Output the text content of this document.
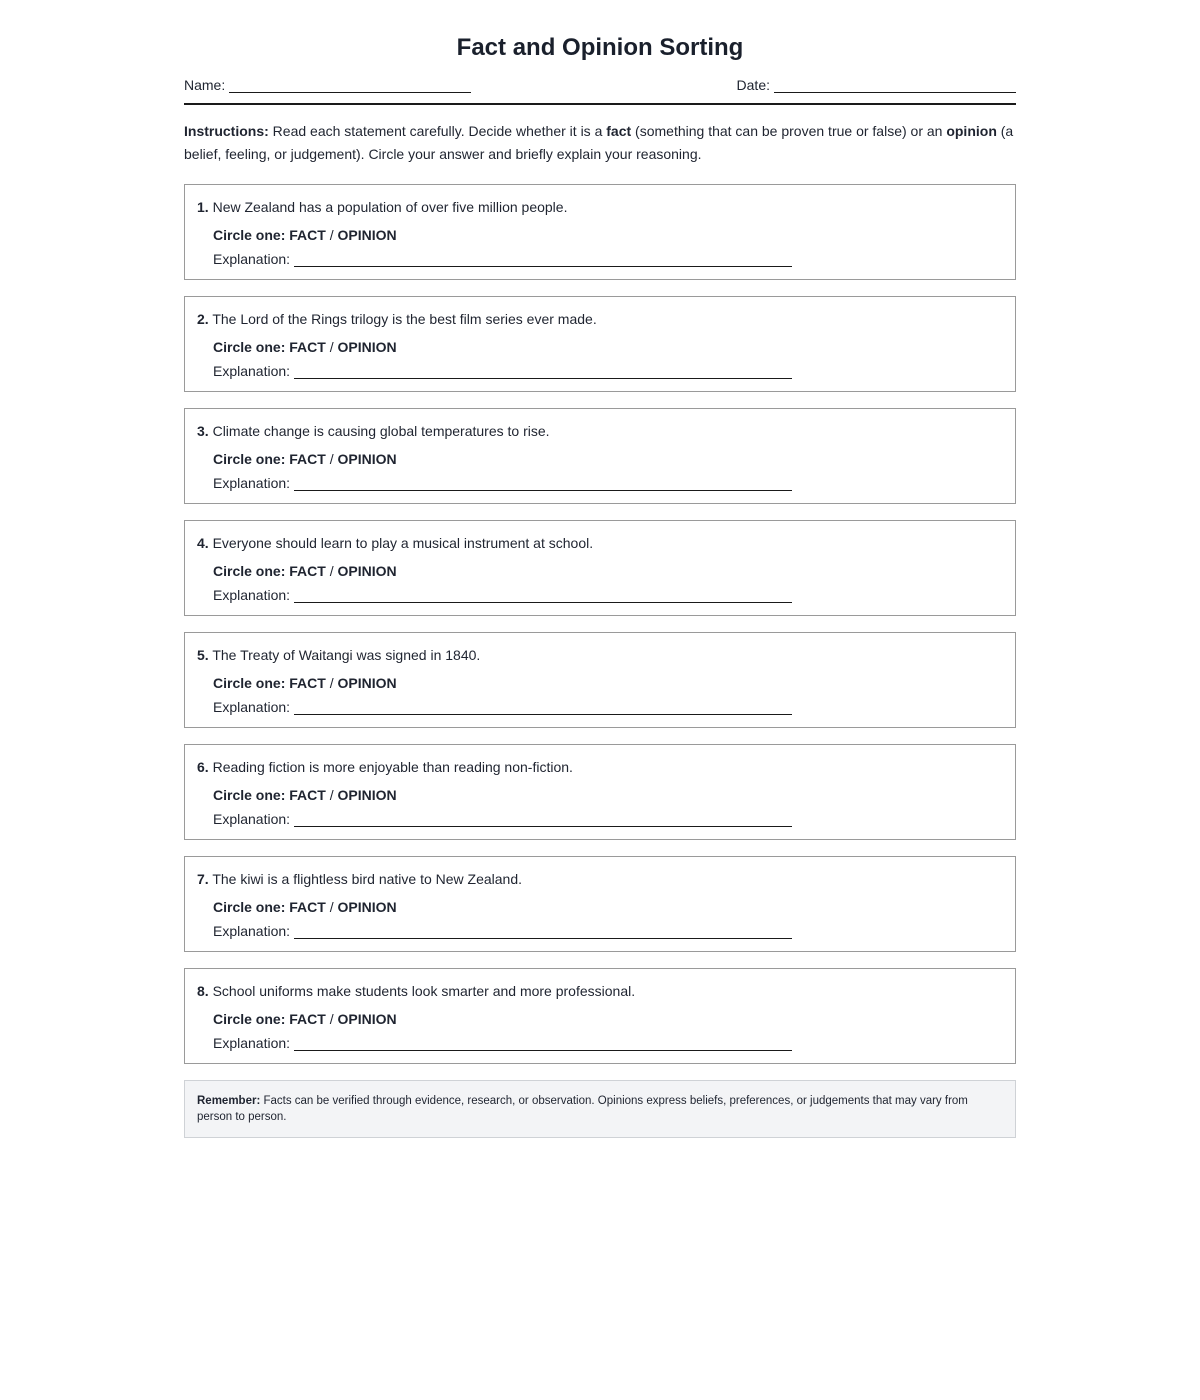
Fact and Opinion Sorting
Name:	Date:
Instructions: Read each statement carefully. Decide whether it is a fact (something that can be proven true or false) or an opinion (a belief, feeling, or judgement). Circle your answer and briefly explain your reasoning.

1. New Zealand has a population of over five million people.

Circle one: FACT / OPINION
Explanation:

2. The Lord of the Rings trilogy is the best film series ever made.

Circle one: FACT / OPINION
Explanation:

3. Climate change is causing global temperatures to rise.

Circle one: FACT / OPINION
Explanation:

4. Everyone should learn to play a musical instrument at school.

Circle one: FACT / OPINION
Explanation:

5. The Treaty of Waitangi was signed in 1840.

Circle one: FACT / OPINION
Explanation:

6. Reading fiction is more enjoyable than reading non-fiction.

Circle one: FACT / OPINION
Explanation:

7. The kiwi is a flightless bird native to New Zealand.

Circle one: FACT / OPINION
Explanation:

8. School uniforms make students look smarter and more professional.

Circle one: FACT / OPINION
Explanation:
Remember: Facts can be verified through evidence, research, or observation. Opinions express beliefs, preferences, or judgements that may vary from person to person.
